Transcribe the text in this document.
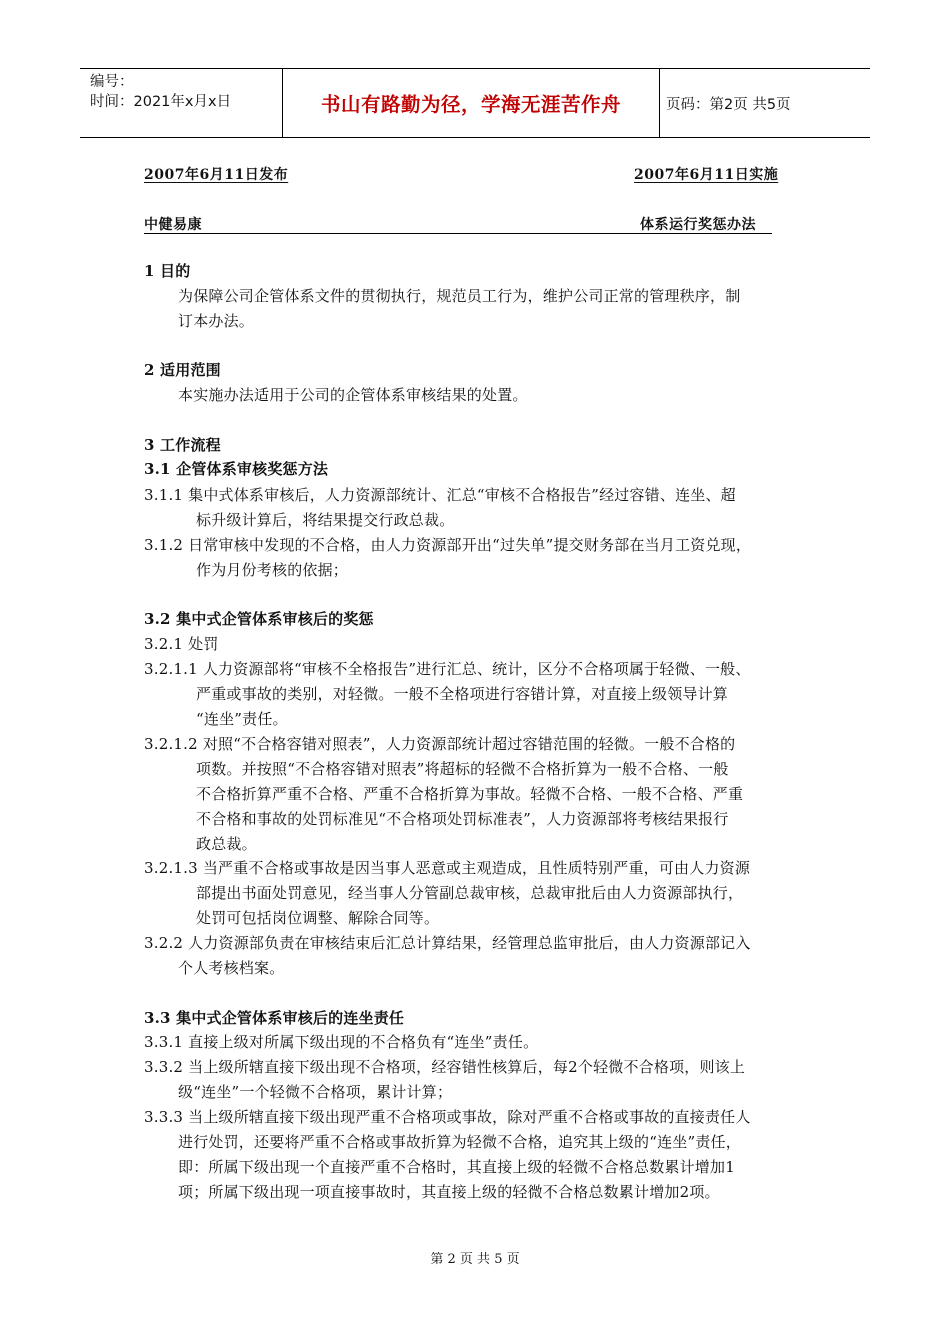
编号：
时间：2021年x月x日	书山有路勤为径，学海无涯苦作舟	页码：第2页 共5页
2007年6月11日发布	2007年6月11日实施
中健易康	体系运行奖惩办法
1 目的
为保障公司企管体系文件的贯彻执行，规范员工行为，维护公司正常的管理秩序，制
订本办法。
2 适用范围
本实施办法适用于公司的企管体系审核结果的处置。
3 工作流程
3.1 企管体系审核奖惩方法
3.1.1 集中式体系审核后，人力资源部统计、汇总“审核不合格报告”经过容错、连坐、超
标升级计算后，将结果提交行政总裁。
3.1.2 日常审核中发现的不合格，由人力资源部开出“过失单”提交财务部在当月工资兑现，
作为月份考核的依据；
3.2 集中式企管体系审核后的奖惩
3.2.1 处罚
3.2.1.1 人力资源部将“审核不全格报告”进行汇总、统计，区分不合格项属于轻微、一般、
严重或事故的类别，对轻微。一般不全格项进行容错计算，对直接上级领导计算
“连坐”责任。
3.2.1.2 对照“不合格容错对照表”，人力资源部统计超过容错范围的轻微。一般不合格的
项数。并按照“不合格容错对照表”将超标的轻微不合格折算为一般不合格、一般
不合格折算严重不合格、严重不合格折算为事故。轻微不合格、一般不合格、严重
不合格和事故的处罚标准见“不合格项处罚标准表”，人力资源部将考核结果报行
政总裁。
3.2.1.3 当严重不合格或事故是因当事人恶意或主观造成，且性质特别严重，可由人力资源
部提出书面处罚意见，经当事人分管副总裁审核，总裁审批后由人力资源部执行，
处罚可包括岗位调整、解除合同等。
3.2.2 人力资源部负责在审核结束后汇总计算结果，经管理总监审批后，由人力资源部记入
个人考核档案。
3.3 集中式企管体系审核后的连坐责任
3.3.1 直接上级对所属下级出现的不合格负有“连坐”责任。
3.3.2 当上级所辖直接下级出现不合格项，经容错性核算后，每2个轻微不合格项，则该上
级“连坐”一个轻微不合格项，累计计算；
3.3.3 当上级所辖直接下级出现严重不合格项或事故，除对严重不合格或事故的直接责任人
进行处罚，还要将严重不合格或事故折算为轻微不合格，追究其上级的“连坐”责任，
即：所属下级出现一个直接严重不合格时，其直接上级的轻微不合格总数累计增加1
项；所属下级出现一项直接事故时，其直接上级的轻微不合格总数累计增加2项。
第 2 页 共 5 页
